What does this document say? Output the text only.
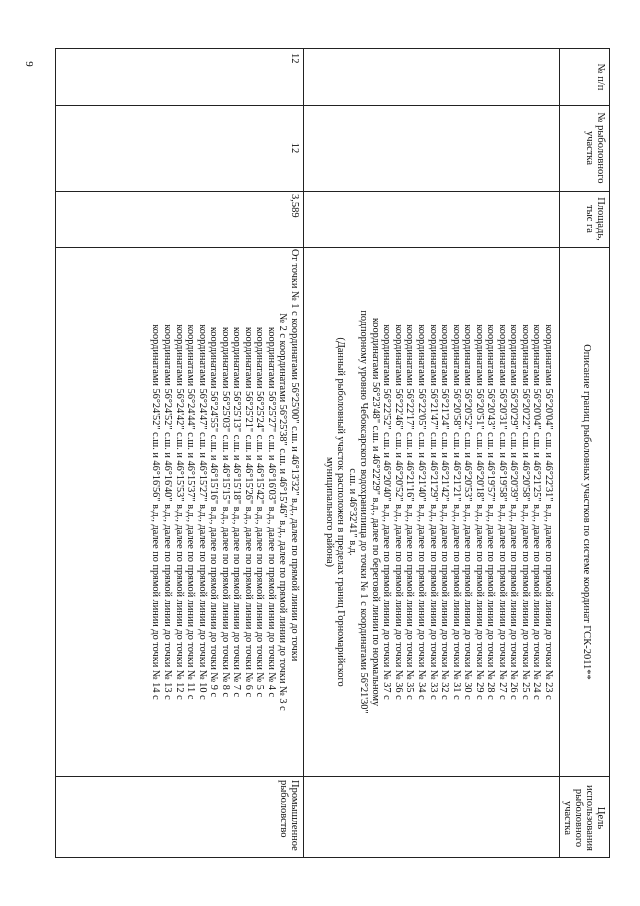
9	№ п/п
№ рыболовного участка
Площадь, тыс га
Описание границ рыболовных участков по системе координат ГСК-2011**
Цель использования рыболовного участка
координатами 56°20'04" с.ш. и 46°22'31" в.д., далее по прямой линии до точки № 23 с
координатами 56°20'04" с.ш. и 46°21'25" в.д., далее по прямой линии до точки № 24 с
координатами 56°20'22" с.ш. и 46°20'58" в.д., далее по прямой линии до точки № 25 с
координатами 56°20'29" с.ш. и 46°20'39" в.д., далее по прямой линии до точки № 26 с
координатами 56°20'31" с.ш. и 46°19'58" в.д., далее по прямой линии до точки № 27 с
координатами 56°20'43" с.ш. и 46°19'57" в.д., далее по прямой линии до точки № 28 с
координатами 56°20'51" с.ш. и 46°20'18" в.д., далее по прямой линии до точки № 29 с
координатами 56°20'52" с.ш. и 46°20'53" в.д., далее по прямой линии до точки № 30 с
координатами 56°20'58" с.ш. и 46°21'21" в.д., далее по прямой линии до точки № 31 с
координатами 56°21'24" с.ш. и 46°21'42" в.д., далее по прямой линии до точки № 32 с
координатами 56°21'47" с.ш. и 46°21'29" в.д., далее по прямой линии до точки № 33 с
координатами 56°22'05" с.ш. и 46°21'40" в.д., далее по прямой линии до точки № 34 с
координатами 56°22'17" с.ш. и 46°21'16" в.д., далее по прямой линии до точки № 35 с
координатами 56°22'46" с.ш. и 46°20'52" в.д., далее по прямой линии до точки № 36 с
координатами 56°22'52" с.ш. и 46°20'40" в.д., далее по прямой линии до точки № 37 с
координатами 56°23'48" с.ш. и 46°22'29" в.д., далее по береговой линии по нормальному
подпорному уровню Чебоксарского водохранилища до точки № 1 с координатами 56°21'30"
с.ш. и 46°32'41" в.д.
(Данный рыболовный участок расположен в пределах границ Горномарийского
муниципального района)
12
12
3,589
От точки № 1 с координатами 56°25'00" с.ш. и 46°13'32" в.д., далее по прямой линии до точки
№ 2 с координатами 56°25'38" с.ш. и 46°15'46" в.д., далее по прямой линии до точки № 3 с
координатами 56°25'27" с.ш. и 46°16'03" в.д., далее по прямой линии до точки № 4 с
координатами 56°25'24" с.ш. и 46°15'42" в.д., далее по прямой линии до точки № 5 с
координатами 56°25'21" с.ш. и 46°15'26" в.д., далее по прямой линии до точки № 6 с
координатами 56°25'13" с.ш. и 46°15'18" в.д., далее по прямой линии до точки № 7 с
координатами 56°25'03" с.ш. и 46°15'15" в.д., далее по прямой линии до точки № 8 с
координатами 56°24'55" с.ш. и 46°15'16" в.д., далее по прямой линии до точки № 9 с
координатами 56°24'47" с.ш. и 46°15'27" в.д., далее по прямой линии до точки № 10 с
координатами 56°24'44" с.ш. и 46°15'37" в.д., далее по прямой линии до точки № 11 с
координатами 56°24'42" с.ш. и 46°15'53" в.д., далее по прямой линии до точки № 12 с
координатами 56°24'52" с.ш. и 46°16'40" в.д., далее по прямой линии до точки № 13 с
координатами 56°24'52" с.ш. и 46°16'56" в.д., далее по прямой линии до точки № 14 с
Промышленное рыболовство
